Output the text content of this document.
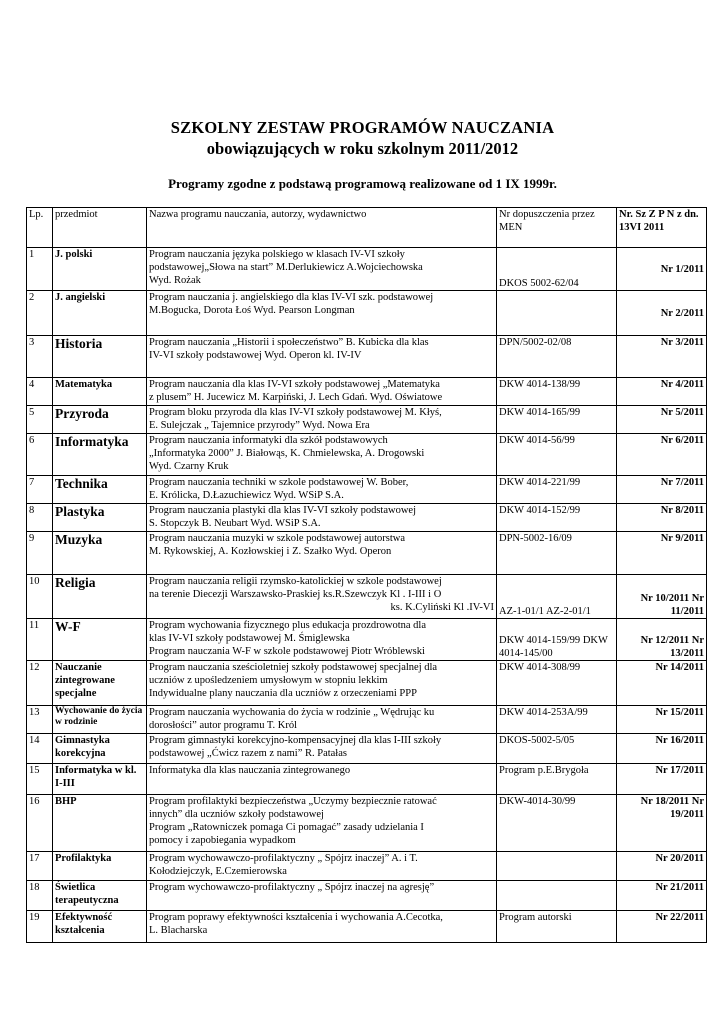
SZKOLNY ZESTAW PROGRAMÓW NAUCZANIA
obowiązujących w roku szkolnym 2011/2012
Programy zgodne z podstawą programową realizowane od 1 IX 1999r.
Lp.	przedmiot	Nazwa programu nauczania, autorzy, wydawnictwo	Nr dopuszczenia przez MEN	Nr. Sz Z P N z dn. 13VI 2011
1	J. polski	Program nauczania języka polskiego w klasach IV-VI szkoły
podstawowej„Słowa na start” M.Derlukiewicz A.Wojciechowska
Wyd. Rożak	DKOS 5002-62/04	Nr 1/2011
2	J. angielski	Program nauczania j. angielskiego dla klas IV-VI szk. podstawowej
M.Bogucka, Dorota Łoś Wyd. Pearson Longman		Nr 2/2011
3	Historia	Program nauczania „Historii i społeczeństwo” B. Kubicka dla klas
IV-VI szkoły podstawowej Wyd. Operon kl. IV-IV	DPN/5002-02/08	Nr 3/2011
4	Matematyka	Program nauczania dla klas IV-VI szkoły podstawowej „Matematyka
z plusem” H. Jucewicz M. Karpiński, J. Lech Gdań. Wyd. Oświatowe	DKW 4014-138/99	Nr 4/2011
5	Przyroda	Program bloku przyroda dla klas IV-VI szkoły podstawowej M. Kłyś,
E. Sulejczak „ Tajemnice przyrody” Wyd. Nowa Era	DKW 4014-165/99	Nr 5/2011
6	Informatyka	Program nauczania informatyki dla szkół podstawowych
„Informatyka 2000” J. Białowąs, K. Chmielewska, A. Drogowski
Wyd. Czarny Kruk	DKW 4014-56/99	Nr 6/2011
7	Technika	Program nauczania techniki w szkole podstawowej W. Bober,
E. Królicka, D.Łazuchiewicz Wyd. WSiP S.A.	DKW 4014-221/99	Nr 7/2011
8	Plastyka	Program nauczania plastyki dla klas IV-VI szkoły podstawowej
S. Stopczyk B. Neubart Wyd. WSiP S.A.	DKW 4014-152/99	Nr 8/2011
9	Muzyka	Program nauczania muzyki w szkole podstawowej autorstwa
M. Rykowskiej, A. Kozłowskiej i Z. Szałko Wyd. Operon	DPN-5002-16/09	Nr 9/2011
10	Religia	Program nauczania religii rzymsko-katolickiej w szkole podstawowej
na terenie Diecezji Warszawsko-Praskiej ks.R.Szewczyk Kl . I-III i O
ks. K.Cyliński Kl .IV-VI	AZ-1-01/1 AZ-2-01/1	Nr 10/2011 Nr 11/2011
11	W-F	Program wychowania fizycznego plus edukacja prozdrowotna dla
klas IV-VI szkoły podstawowej M. Śmiglewska
Program nauczania W-F w szkole podstawowej Piotr Wróblewski	DKW 4014-159/99 DKW 4014-145/00	Nr 12/2011 Nr 13/2011
12	Nauczanie zintegrowane specjalne	Program nauczania sześcioletniej szkoły podstawowej specjalnej dla
uczniów z upośledzeniem umysłowym w stopniu lekkim
Indywidualne plany nauczania dla uczniów z orzeczeniami PPP	DKW 4014-308/99	Nr 14/2011
13	Wychowanie do życia w rodzinie	Program nauczania wychowania do życia w rodzinie „ Wędrując ku
dorosłości” autor programu T. Król	DKW 4014-253A/99	Nr 15/2011
14	Gimnastyka korekcyjna	Program gimnastyki korekcyjno-kompensacyjnej dla klas I-III szkoły
podstawowej „Ćwicz razem z nami” R. Patałas	DKOS-5002-5/05	Nr 16/2011
15	Informatyka w kl. I-III	Informatyka dla klas nauczania zintegrowanego	Program p.E.Brygoła	Nr 17/2011
16	BHP	Program profilaktyki bezpieczeństwa „Uczymy bezpiecznie ratować
innych” dla uczniów szkoły podstawowej
Program „Ratowniczek pomaga Ci pomagać” zasady udzielania I
pomocy i zapobiegania wypadkom	DKW-4014-30/99	Nr 18/2011 Nr 19/2011
17	Profilaktyka	Program wychowawczo-profilaktyczny „ Spójrz inaczej” A. i T.
Kołodziejczyk, E.Czemierowska		Nr 20/2011
18	Świetlica terapeutyczna	Program wychowawczo-profilaktyczny „ Spójrz inaczej na agresję”		Nr 21/2011
19	Efektywność kształcenia	Program poprawy efektywności kształcenia i wychowania A.Cecotka,
L. Blacharska	Program autorski	Nr 22/2011
